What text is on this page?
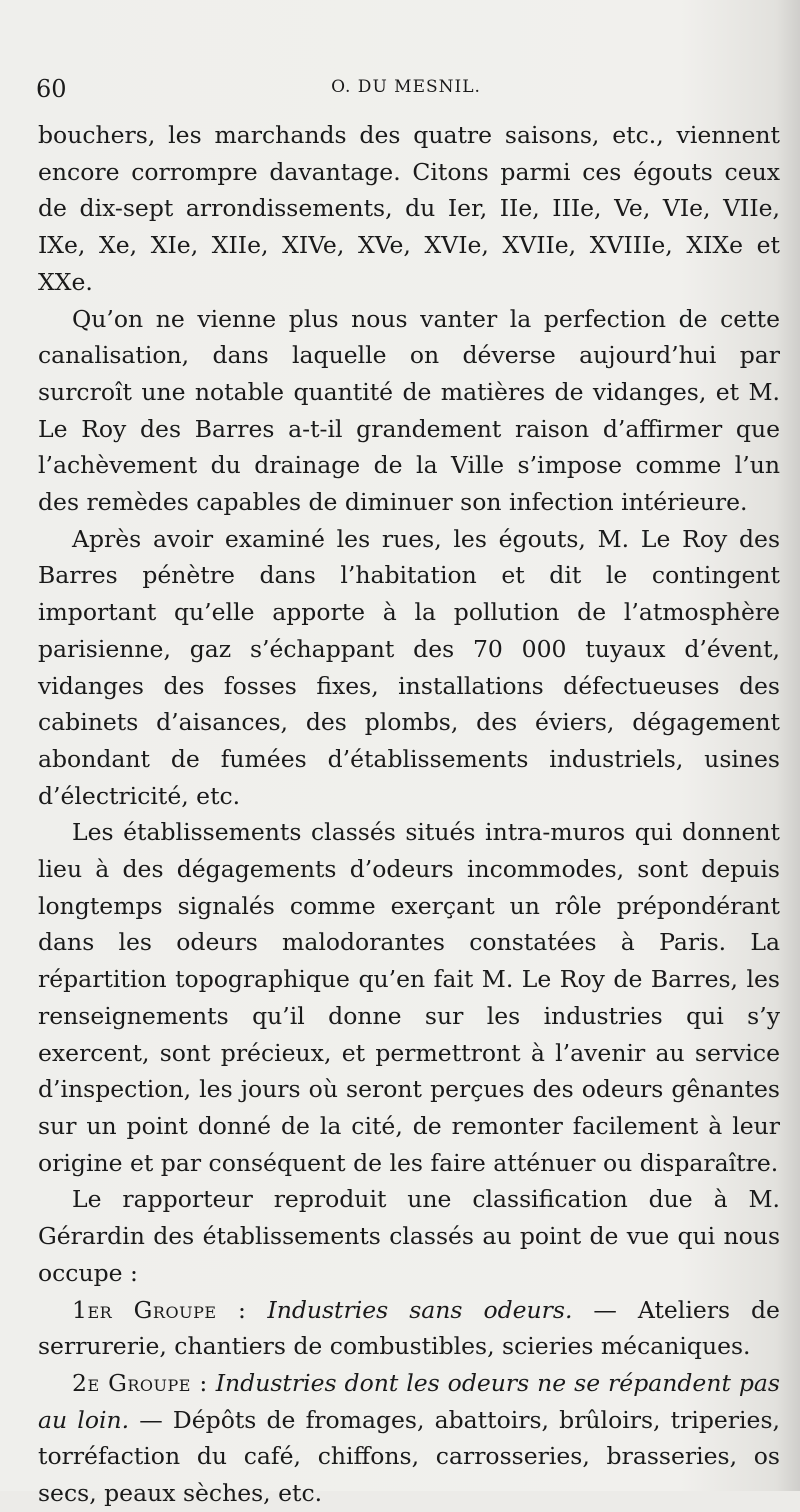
60	O. DU MESNIL.

bouchers, les marchands des quatre saisons, etc., viennent encore corrompre davantage. Citons parmi ces égouts ceux de dix-sept arrondissements, du Ier, IIe, IIIe, Ve, VIe, VIIe, IXe, Xe, XIe, XIIe, XIVe, XVe, XVIe, XVIIe, XVIIIe, XIXe et XXe.

Qu’on ne vienne plus nous vanter la perfection de cette canalisation, dans laquelle on déverse aujourd’hui par surcroît une notable quantité de matières de vidanges, et M. Le Roy des Barres a-t-il grandement raison d’affirmer que l’achèvement du drainage de la Ville s’impose comme l’un des remèdes capables de diminuer son infection intérieure.

Après avoir examiné les rues, les égouts, M. Le Roy des Barres pénètre dans l’habitation et dit le contingent important qu’elle apporte à la pollution de l’atmosphère parisienne, gaz s’échappant des 70 000 tuyaux d’évent, vidanges des fosses fixes, installations défectueuses des cabinets d’aisances, des plombs, des éviers, dégagement abondant de fumées d’établissements industriels, usines d’électricité, etc.

Les établissements classés situés intra-muros qui donnent lieu à des dégagements d’odeurs incommodes, sont depuis longtemps signalés comme exerçant un rôle prépondérant dans les odeurs malodorantes constatées à Paris. La répartition topographique qu’en fait M. Le Roy de Barres, les renseignements qu’il donne sur les industries qui s’y exercent, sont précieux, et permettront à l’avenir au service d’inspection, les jours où seront perçues des odeurs gênantes sur un point donné de la cité, de remonter facilement à leur origine et par conséquent de les faire atténuer ou disparaître.

Le rapporteur reproduit une classification due à M. Gérardin des établissements classés au point de vue qui nous occupe :

1er Groupe : Industries sans odeurs. — Ateliers de serrurerie, chantiers de combustibles, scieries mécaniques.

2e Groupe : Industries dont les odeurs ne se répandent pas au loin. — Dépôts de fromages, abattoirs, brûloirs, triperies, torréfaction du café, chiffons, carrosseries, brasseries, os secs, peaux sèches, etc.
